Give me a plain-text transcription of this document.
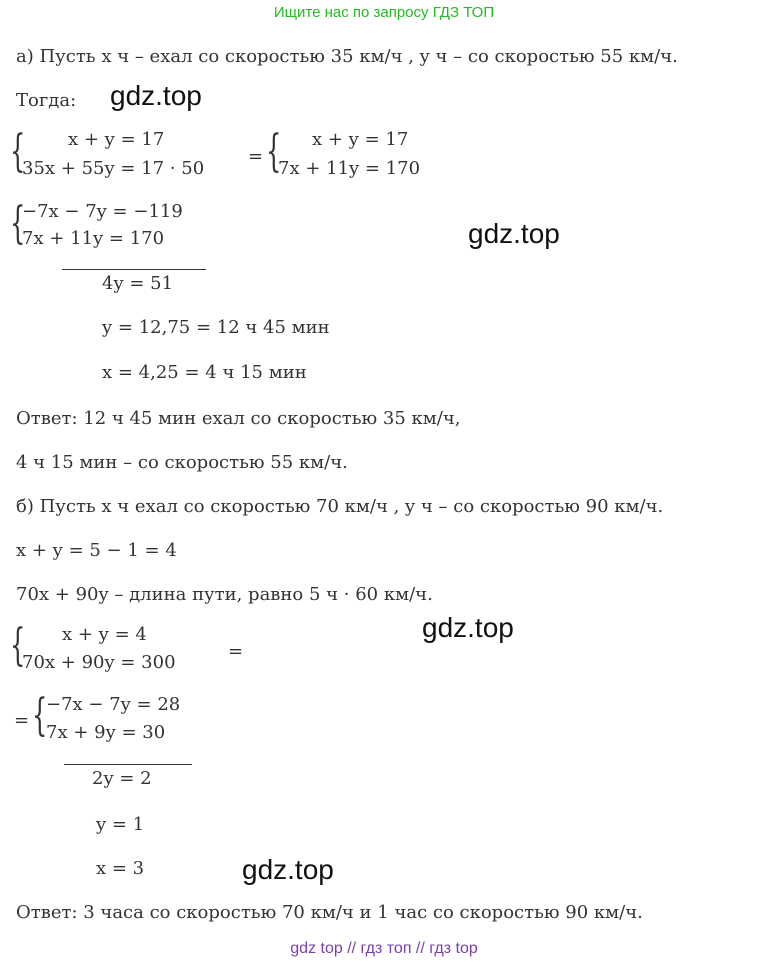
Ищите нас по запросу ГДЗ ТОП
а) Пусть x ч – ехал со скоростью 35 км/ч , y ч – со скоростью 55 км/ч.
Тогда:
{ x + y = 17
35x + 55y = 17 · 50
= { x + y = 17
7x + 11y = 170
{
−7x − 7y = −119
7x + 11y = 170
4y = 51
y = 12,75 = 12 ч 45 мин
x = 4,25 = 4 ч 15 мин
Ответ: 12 ч 45 мин ехал со скоростью 35 км/ч,
4 ч 15 мин – со скоростью 55 км/ч.
б) Пусть x ч ехал со скоростью 70 км/ч , y ч – со скоростью 90 км/ч.
x + y = 5 − 1 = 4
70x + 90y – длина пути, равно 5 ч · 60 км/ч.
{ x + y = 4
70x + 90y = 300
=
= {
−7x − 7y = 28
7x + 9y = 30
2y = 2
y = 1
x = 3
Ответ: 3 часа со скоростью 70 км/ч и 1 час со скоростью 90 км/ч.
gdz.top
gdz.top
gdz.top
gdz.top
gdz top // гдз топ // гдз top
